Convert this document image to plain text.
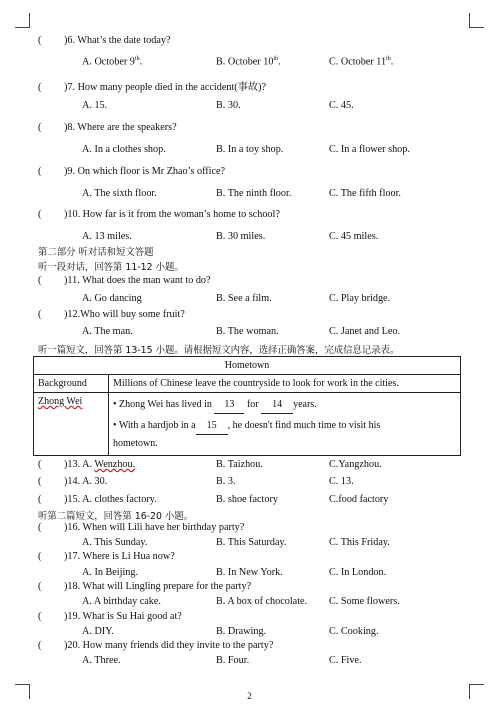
( )6. What’s the date today?
A. October 9th.	B. October 10th.	C. October 11th.
( )7. How many people died in the accident(事故)?
A. 15.	B. 30.	C. 45.
( )8. Where are the speakers?
A. In a clothes shop.	B. In a toy shop.	C. In a flower shop.
( )9. On which floor is Mr Zhao’s office?
A. The sixth floor.	B. The ninth floor.	C. The fifth floor.
( )10. How far is it from the woman’s home to school?
A. 13 miles.	B. 30 miles.	C. 45 miles.
第二部分 听对话和短文答题
听一段对话，回答第 11-12 小题。
( )11. What does the man want to do?
A. Go dancing	B. See a film.	C. Play bridge.
( )12.Who will buy some fruit?
A. The man.	B. The woman.	C. Janet and Leo.
听一篇短文，回答第 13-15 小题。请根据短文内容，选择正确答案，完成信息记录表。
Hometown	
Background	Millions of Chinese leave the countryside to look for work in the cities.
Zhong Wei	• Zhong Wei has lived in 13 for 14 years.
• With a hardjob in a 15 , he doesn't find much time to visit his
hometown.
( )13. A. Wenzhou.	B. Taizhou.	C.Yangzhou.
( )14. A. 30.	B. 3.	C. 13.
( )15. A. clothes factory.	B. shoe factory	C.food factory
听第二篇短文，回答第 16-20 小题。
( )16. When will Lili have her birthday party?
A. This Sunday.	B. This Saturday.	C. This Friday.
( )17. Where is Li Hua now?
A. In Beijing.	B. In New York.	C. In London.
( )18. What will Lingling prepare for the party?
A. A birthday cake.	B. A box of chocolate. C. Some flowers.
( )19. What is Su Hai good at?
A. DIY.	B. Drawing.	C. Cooking.
( )20. How many friends did they invite to the party?
A. Three.	B. Four.	C. Five.
2
